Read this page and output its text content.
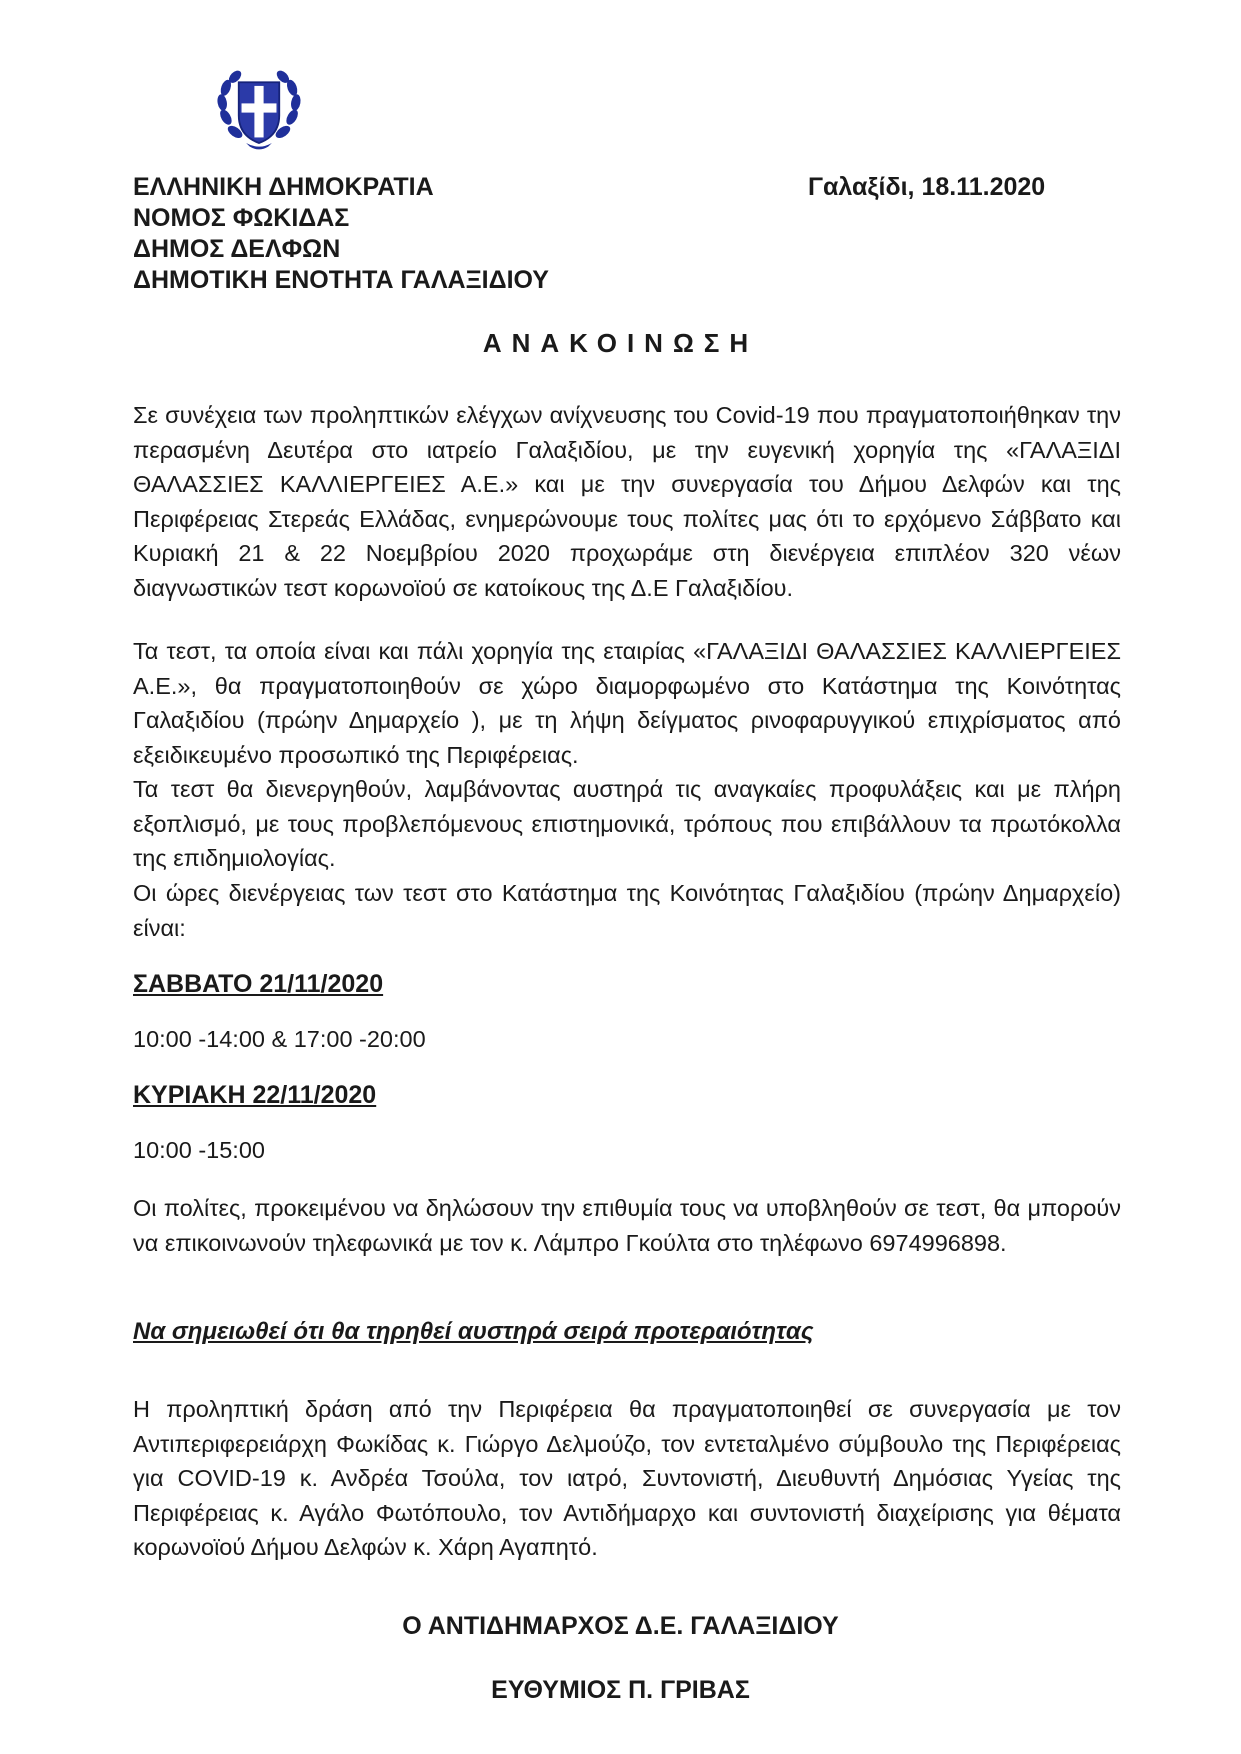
ΕΛΛΗΝΙΚΗ ΔΗΜΟΚΡΑΤΙΑ
ΝΟΜΟΣ ΦΩΚΙΔΑΣ
ΔΗΜΟΣ ΔΕΛΦΩΝ
ΔΗΜΟΤΙΚΗ ΕΝΟΤΗΤΑ ΓΑΛΑΞΙΔΙΟΥ
Γαλαξίδι, 18.11.2020
ΑΝΑΚΟΙΝΩΣΗ

Σε συνέχεια των προληπτικών ελέγχων ανίχνευσης του Covid-19 που πραγματοποιήθηκαν την περασμένη Δευτέρα στο ιατρείο Γαλαξιδίου, με την ευγενική χορηγία της «ΓΑΛΑΞΙΔΙ ΘΑΛΑΣΣΙΕΣ ΚΑΛΛΙΕΡΓΕΙΕΣ Α.Ε.» και με την συνεργασία του Δήμου Δελφών και της Περιφέρειας Στερεάς Ελλάδας, ενημερώνουμε τους πολίτες μας ότι το ερχόμενο Σάββατο και Κυριακή 21 & 22 Νοεμβρίου 2020 προχωράμε στη διενέργεια επιπλέον 320 νέων διαγνωστικών τεστ κορωνοϊού σε κατοίκους της Δ.Ε Γαλαξιδίου.

Τα τεστ, τα οποία είναι και πάλι χορηγία της εταιρίας «ΓΑΛΑΞΙΔΙ ΘΑΛΑΣΣΙΕΣ ΚΑΛΛΙΕΡΓΕΙΕΣ Α.Ε.», θα πραγματοποιηθούν σε χώρο διαμορφωμένο στο Κατάστημα της Κοινότητας Γαλαξιδίου (πρώην Δημαρχείο ), με τη λήψη δείγματος ρινοφαρυγγικού επιχρίσματος από εξειδικευμένο προσωπικό της Περιφέρειας.

Τα τεστ θα διενεργηθούν, λαμβάνοντας αυστηρά τις αναγκαίες προφυλάξεις και με πλήρη εξοπλισμό, με τους προβλεπόμενους επιστημονικά, τρόπους που επιβάλλουν τα πρωτόκολλα της επιδημιολογίας.

Οι ώρες διενέργειας των τεστ στο Κατάστημα της Κοινότητας Γαλαξιδίου (πρώην Δημαρχείο) είναι:

ΣΑΒΒΑΤΟ 21/11/2020
10:00 -14:00 & 17:00 -20:00
ΚΥΡΙΑΚΗ 22/11/2020
10:00 -15:00

Οι πολίτες, προκειμένου να δηλώσουν την επιθυμία τους να υποβληθούν σε τεστ, θα μπορούν να επικοινωνούν τηλεφωνικά με τον κ. Λάμπρο Γκούλτα στο τηλέφωνο 6974996898.

Να σημειωθεί ότι θα τηρηθεί αυστηρά σειρά προτεραιότητας

Η προληπτική δράση από την Περιφέρεια θα πραγματοποιηθεί σε συνεργασία με τον Αντιπεριφερειάρχη Φωκίδας κ. Γιώργο Δελμούζο, τον εντεταλμένο σύμβουλο της Περιφέρειας για COVID-19 κ. Ανδρέα Τσούλα, τον ιατρό, Συντονιστή, Διευθυντή Δημόσιας Υγείας της Περιφέρειας κ. Αγάλο Φωτόπουλο, τον Αντιδήμαρχο και συντονιστή διαχείρισης για θέματα κορωνοϊού Δήμου Δελφών κ. Χάρη Αγαπητό.

Ο ΑΝΤΙΔΗΜΑΡΧΟΣ Δ.Ε. ΓΑΛΑΞΙΔΙΟΥ
ΕΥΘΥΜΙΟΣ Π. ΓΡΙΒΑΣ
